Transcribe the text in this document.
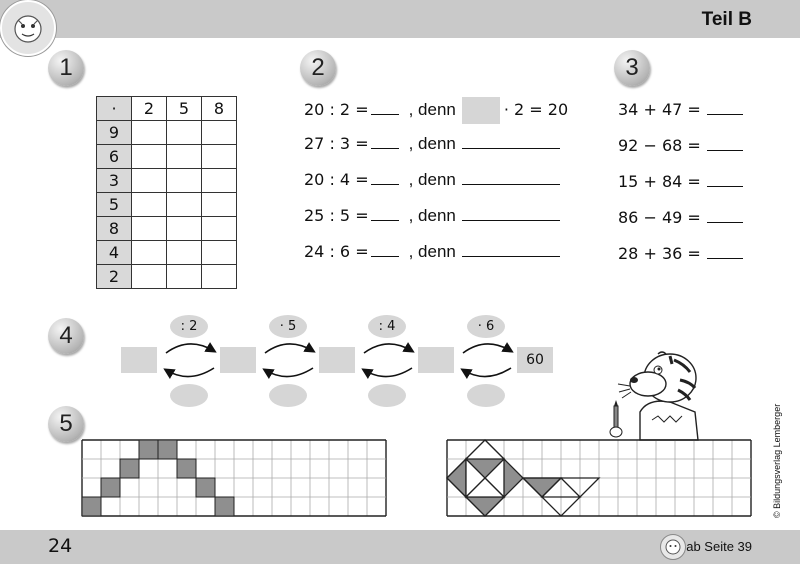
Teil B
1	2	3
4
5
·	2	5	8
9			
6			
3			
5			
8			
4			
2			
20 : 2 = , denn	· 2 = 20
27 : 3 = , denn
20 : 4 = , denn
25 : 5 = , denn
24 : 6 = , denn
34 + 47 =
92 − 68 =
15 + 84 =
86 − 49 =
28 + 36 =
: 2	· 5	: 4	· 6
60
© Bildungsverlag Lemberger
24	ab Seite 39
